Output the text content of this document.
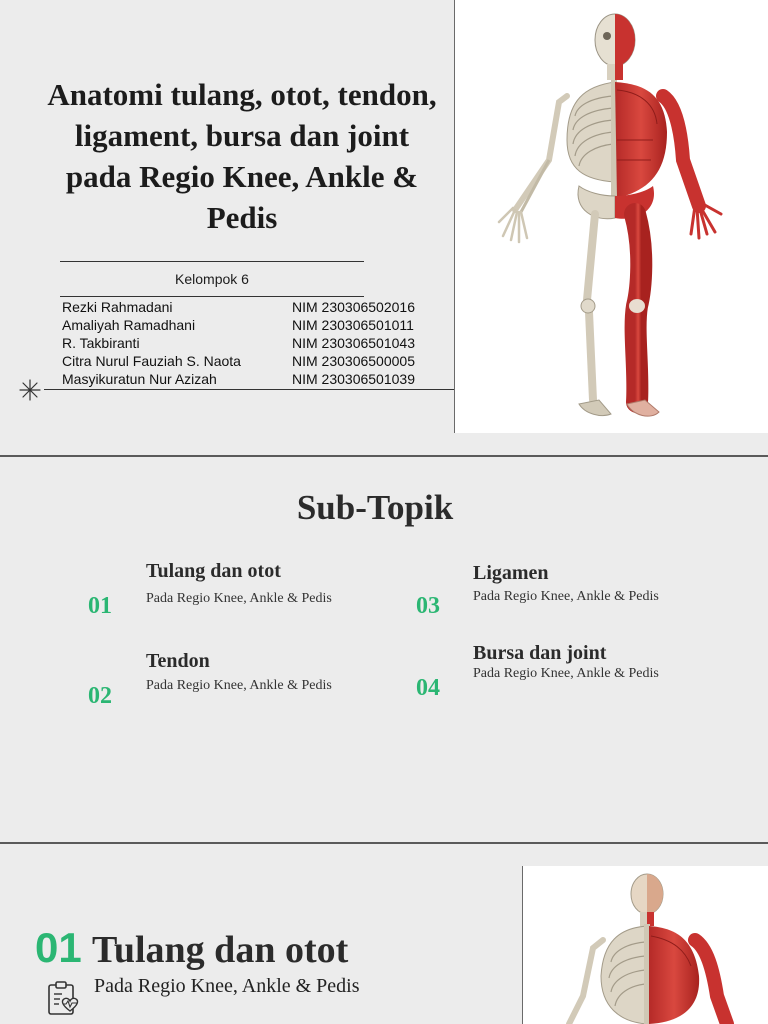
Anatomi tulang, otot, tendon, ligament, bursa dan joint pada Regio Knee, Ankle & Pedis
Kelompok 6
Rezki Rahmadani	NIM 230306502016
Amaliyah Ramadhani	NIM 230306501011
R. Takbiranti	NIM 230306501043
Citra Nurul Fauziah S. Naota	NIM 230306500005
Masyikuratun Nur Azizah	NIM 230306501039
Sub-Topik
01
Tulang dan otot
Pada Regio Knee, Ankle & Pedis
02
Tendon
Pada Regio Knee, Ankle & Pedis
03
Ligamen
Pada Regio Knee, Ankle & Pedis
04
Bursa dan joint
Pada Regio Knee, Ankle & Pedis
01 Tulang dan otot
Pada Regio Knee, Ankle & Pedis
